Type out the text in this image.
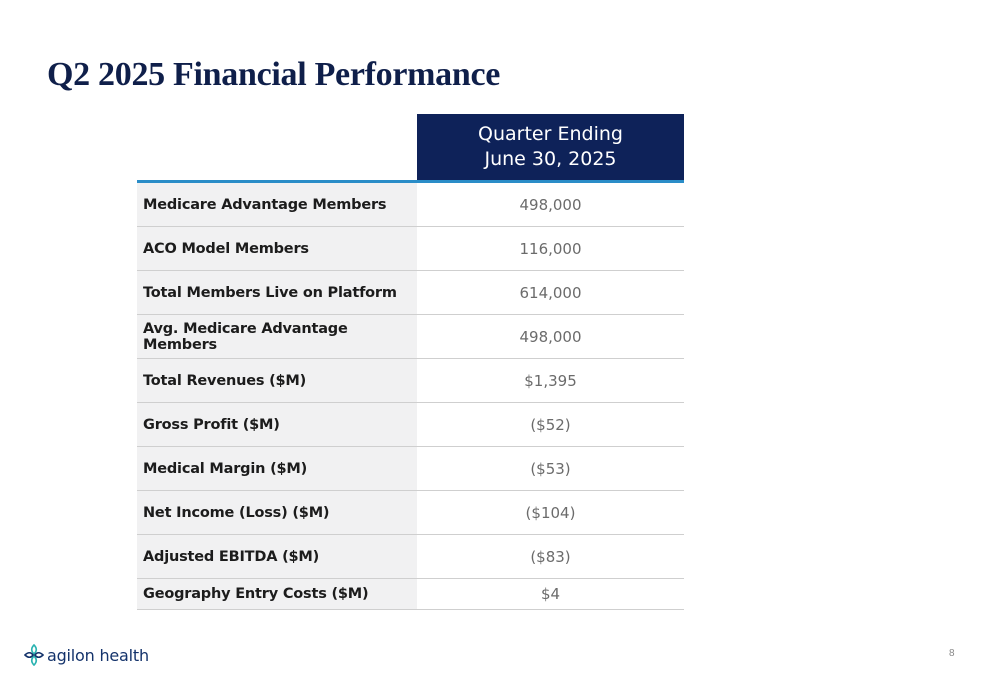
Q2 2025 Financial Performance
Quarter Ending
June 30, 2025
Medicare Advantage Members	498,000
ACO Model Members	116,000
Total Members Live on Platform	614,000
Avg. Medicare Advantage Members	498,000
Total Revenues ($M)	$1,395
Gross Profit ($M)	($52)
Medical Margin ($M)	($53)
Net Income (Loss) ($M)	($104)
Adjusted EBITDA ($M)	($83)
Geography Entry Costs ($M)	$4
agilon health	8
